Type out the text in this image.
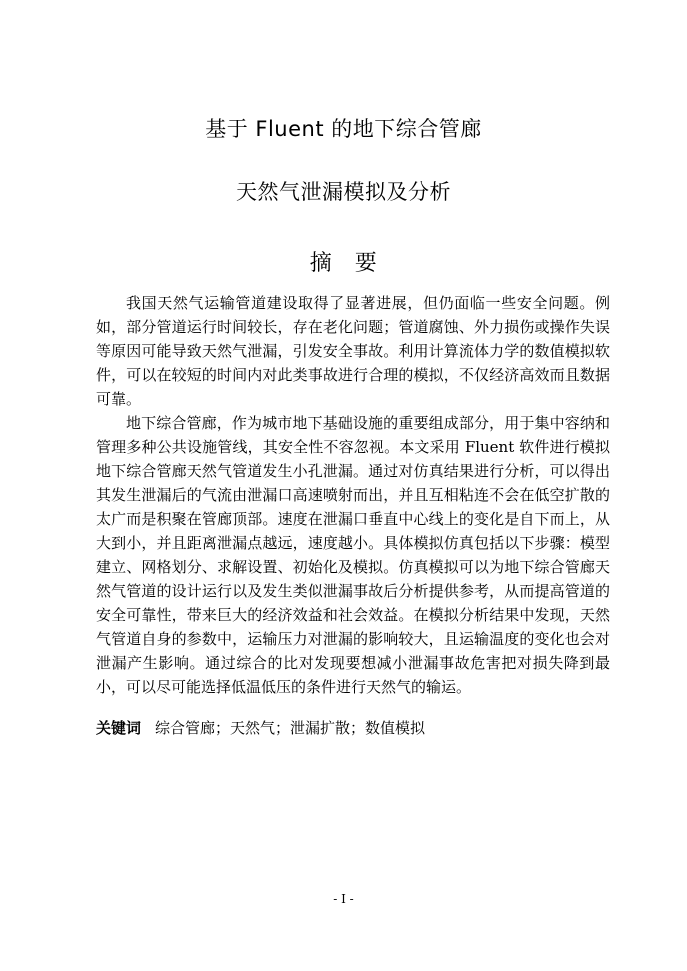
基于 Fluent 的地下综合管廊
天然气泄漏模拟及分析
摘　要

我国天然气运输管道建设取得了显著进展，但仍面临一些安全问题。例如，部分管道运行时间较长，存在老化问题；管道腐蚀、外力损伤或操作失误等原因可能导致天然气泄漏，引发安全事故。利用计算流体力学的数值模拟软件，可以在较短的时间内对此类事故进行合理的模拟，不仅经济高效而且数据可靠。

地下综合管廊，作为城市地下基础设施的重要组成部分，用于集中容纳和管理多种公共设施管线，其安全性不容忽视。本文采用 Fluent 软件进行模拟地下综合管廊天然气管道发生小孔泄漏。通过对仿真结果进行分析，可以得出其发生泄漏后的气流由泄漏口高速喷射而出，并且互相粘连不会在低空扩散的太广而是积聚在管廊顶部。速度在泄漏口垂直中心线上的变化是自下而上，从大到小，并且距离泄漏点越远，速度越小。具体模拟仿真包括以下步骤：模型建立、网格划分、求解设置、初始化及模拟。仿真模拟可以为地下综合管廊天然气管道的设计运行以及发生类似泄漏事故后分析提供参考，从而提高管道的安全可靠性，带来巨大的经济效益和社会效益。在模拟分析结果中发现，天然气管道自身的参数中，运输压力对泄漏的影响较大，且运输温度的变化也会对泄漏产生影响。通过综合的比对发现要想减小泄漏事故危害把对损失降到最小，可以尽可能选择低温低压的条件进行天然气的输运。

关键词 综合管廊；天然气；泄漏扩散；数值模拟
- I -
